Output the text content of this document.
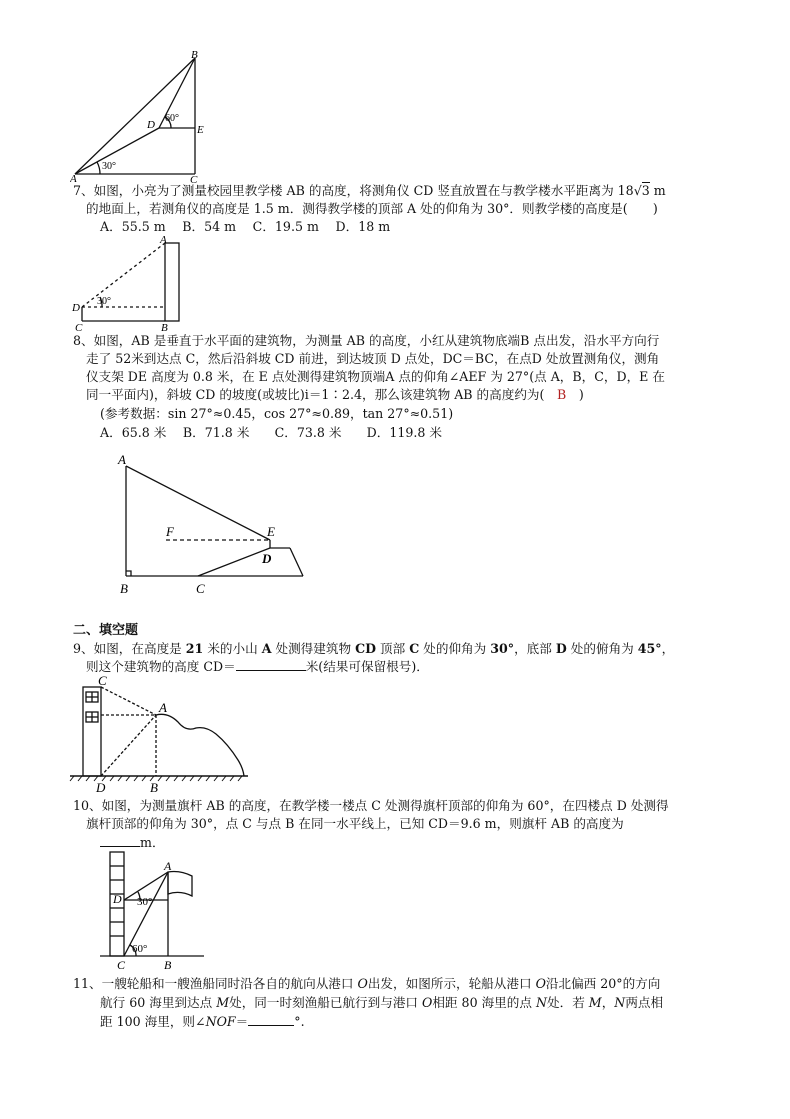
B
D	E
A	C
60°
30°
7、如图，小亮为了测量校园里教学楼 AB 的高度，将测角仪 CD 竖直放置在与教学楼水平距离为 18√3 m
的地面上，若测角仪的高度是 1.5 m．测得教学楼的顶部 A 处的仰角为 30°．则教学楼的高度是(　　)
A．55.5 m　 B．54 m　 C．19.5 m　 D．18 m
A
D
C	B
30°
8、如图，AB 是垂直于水平面的建筑物，为测量 AB 的高度，小红从建筑物底端B 点出发，沿水平方向行
走了 52米到达点 C，然后沿斜坡 CD 前进，到达坡顶 D 点处，DC＝BC，在点D 处放置测角仪，测角
仪支架 DE 高度为 0.8 米，在 E 点处测得建筑物顶端A 点的仰角∠AEF 为 27°(点 A，B，C，D，E 在
同一平面内)，斜坡 CD 的坡度(或坡比)i＝1∶2.4，那么该建筑物 AB 的高度约为(　B　)
(参考数据：sin 27°≈0.45，cos 27°≈0.89，tan 27°≈0.51)
A．65.8 米　 B．71.8 米　　C．73.8 米　　D．119.8 米
A
F	E
D
B	C
二、填空题
9、如图，在高度是 21 米的小山 A 处测得建筑物 CD 顶部 C 处的仰角为 30°，底部 D 处的俯角为 45°，
则这个建筑物的高度 CD＝	米(结果可保留根号)．
C
A
D	B
10、如图，为测量旗杆 AB 的高度，在教学楼一楼点 C 处测得旗杆顶部的仰角为 60°，在四楼点 D 处测得
旗杆顶部的仰角为 30°，点 C 与点 B 在同一水平线上，已知 CD＝9.6 m，则旗杆 AB 的高度为
m．
A
D 30°
60°
C	B
11、一艘轮船和一艘渔船同时沿各自的航向从港口 O出发，如图所示，轮船从港口 O沿北偏西 20°的方向
航行 60 海里到达点 M处，同一时刻渔船已航行到与港口 O相距 80 海里的点 N处．若 M，N两点相
距 100 海里，则∠NOF＝	°.
